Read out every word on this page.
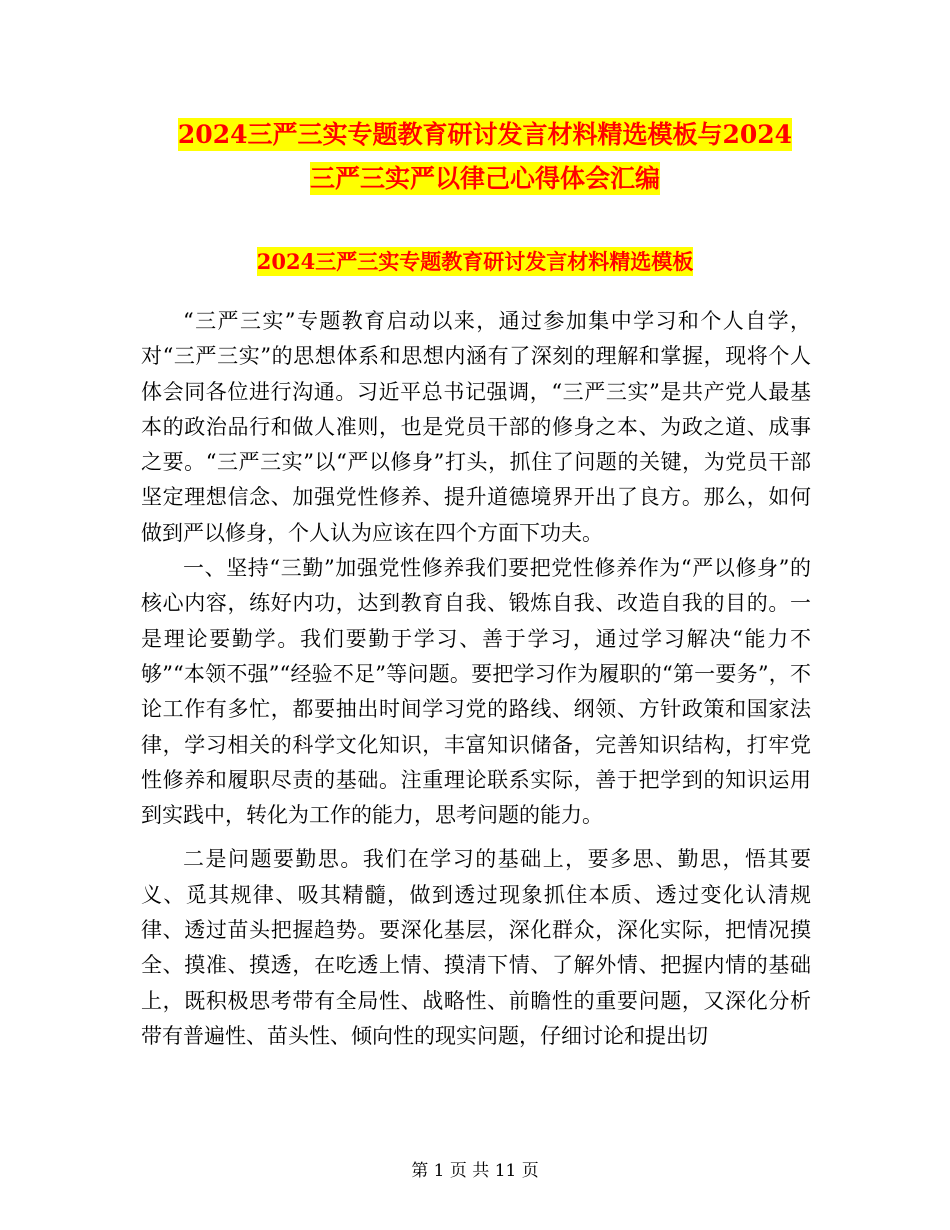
2024三严三实专题教育研讨发言材料精选模板与2024
三严三实严以律己心得体会汇编
2024三严三实专题教育研讨发言材料精选模板

“三严三实”专题教育启动以来，通过参加集中学习和个人自学，对“三严三实”的思想体系和思想内涵有了深刻的理解和掌握，现将个人体会同各位进行沟通。习近平总书记强调，“三严三实”是共产党人最基本的政治品行和做人准则，也是党员干部的修身之本、为政之道、成事之要。“三严三实”以“严以修身”打头，抓住了问题的关键，为党员干部坚定理想信念、加强党性修养、提升道德境界开出了良方。那么，如何做到严以修身，个人认为应该在四个方面下功夫。

一、坚持“三勤”加强党性修养我们要把党性修养作为“严以修身”的核心内容，练好内功，达到教育自我、锻炼自我、改造自我的目的。一是理论要勤学。我们要勤于学习、善于学习，通过学习解决“能力不够”“本领不强”“经验不足”等问题。要把学习作为履职的“第一要务”，不论工作有多忙，都要抽出时间学习党的路线、纲领、方针政策和国家法律，学习相关的科学文化知识，丰富知识储备，完善知识结构，打牢党性修养和履职尽责的基础。注重理论联系实际，善于把学到的知识运用到实践中，转化为工作的能力，思考问题的能力。

二是问题要勤思。我们在学习的基础上，要多思、勤思，悟其要义、觅其规律、吸其精髓，做到透过现象抓住本质、透过变化认清规律、透过苗头把握趋势。要深化基层，深化群众，深化实际，把情况摸全、摸准、摸透，在吃透上情、摸清下情、了解外情、把握内情的基础上，既积极思考带有全局性、战略性、前瞻性的重要问题，又深化分析带有普遍性、苗头性、倾向性的现实问题，仔细讨论和提出切

第 1 页 共 11 页
